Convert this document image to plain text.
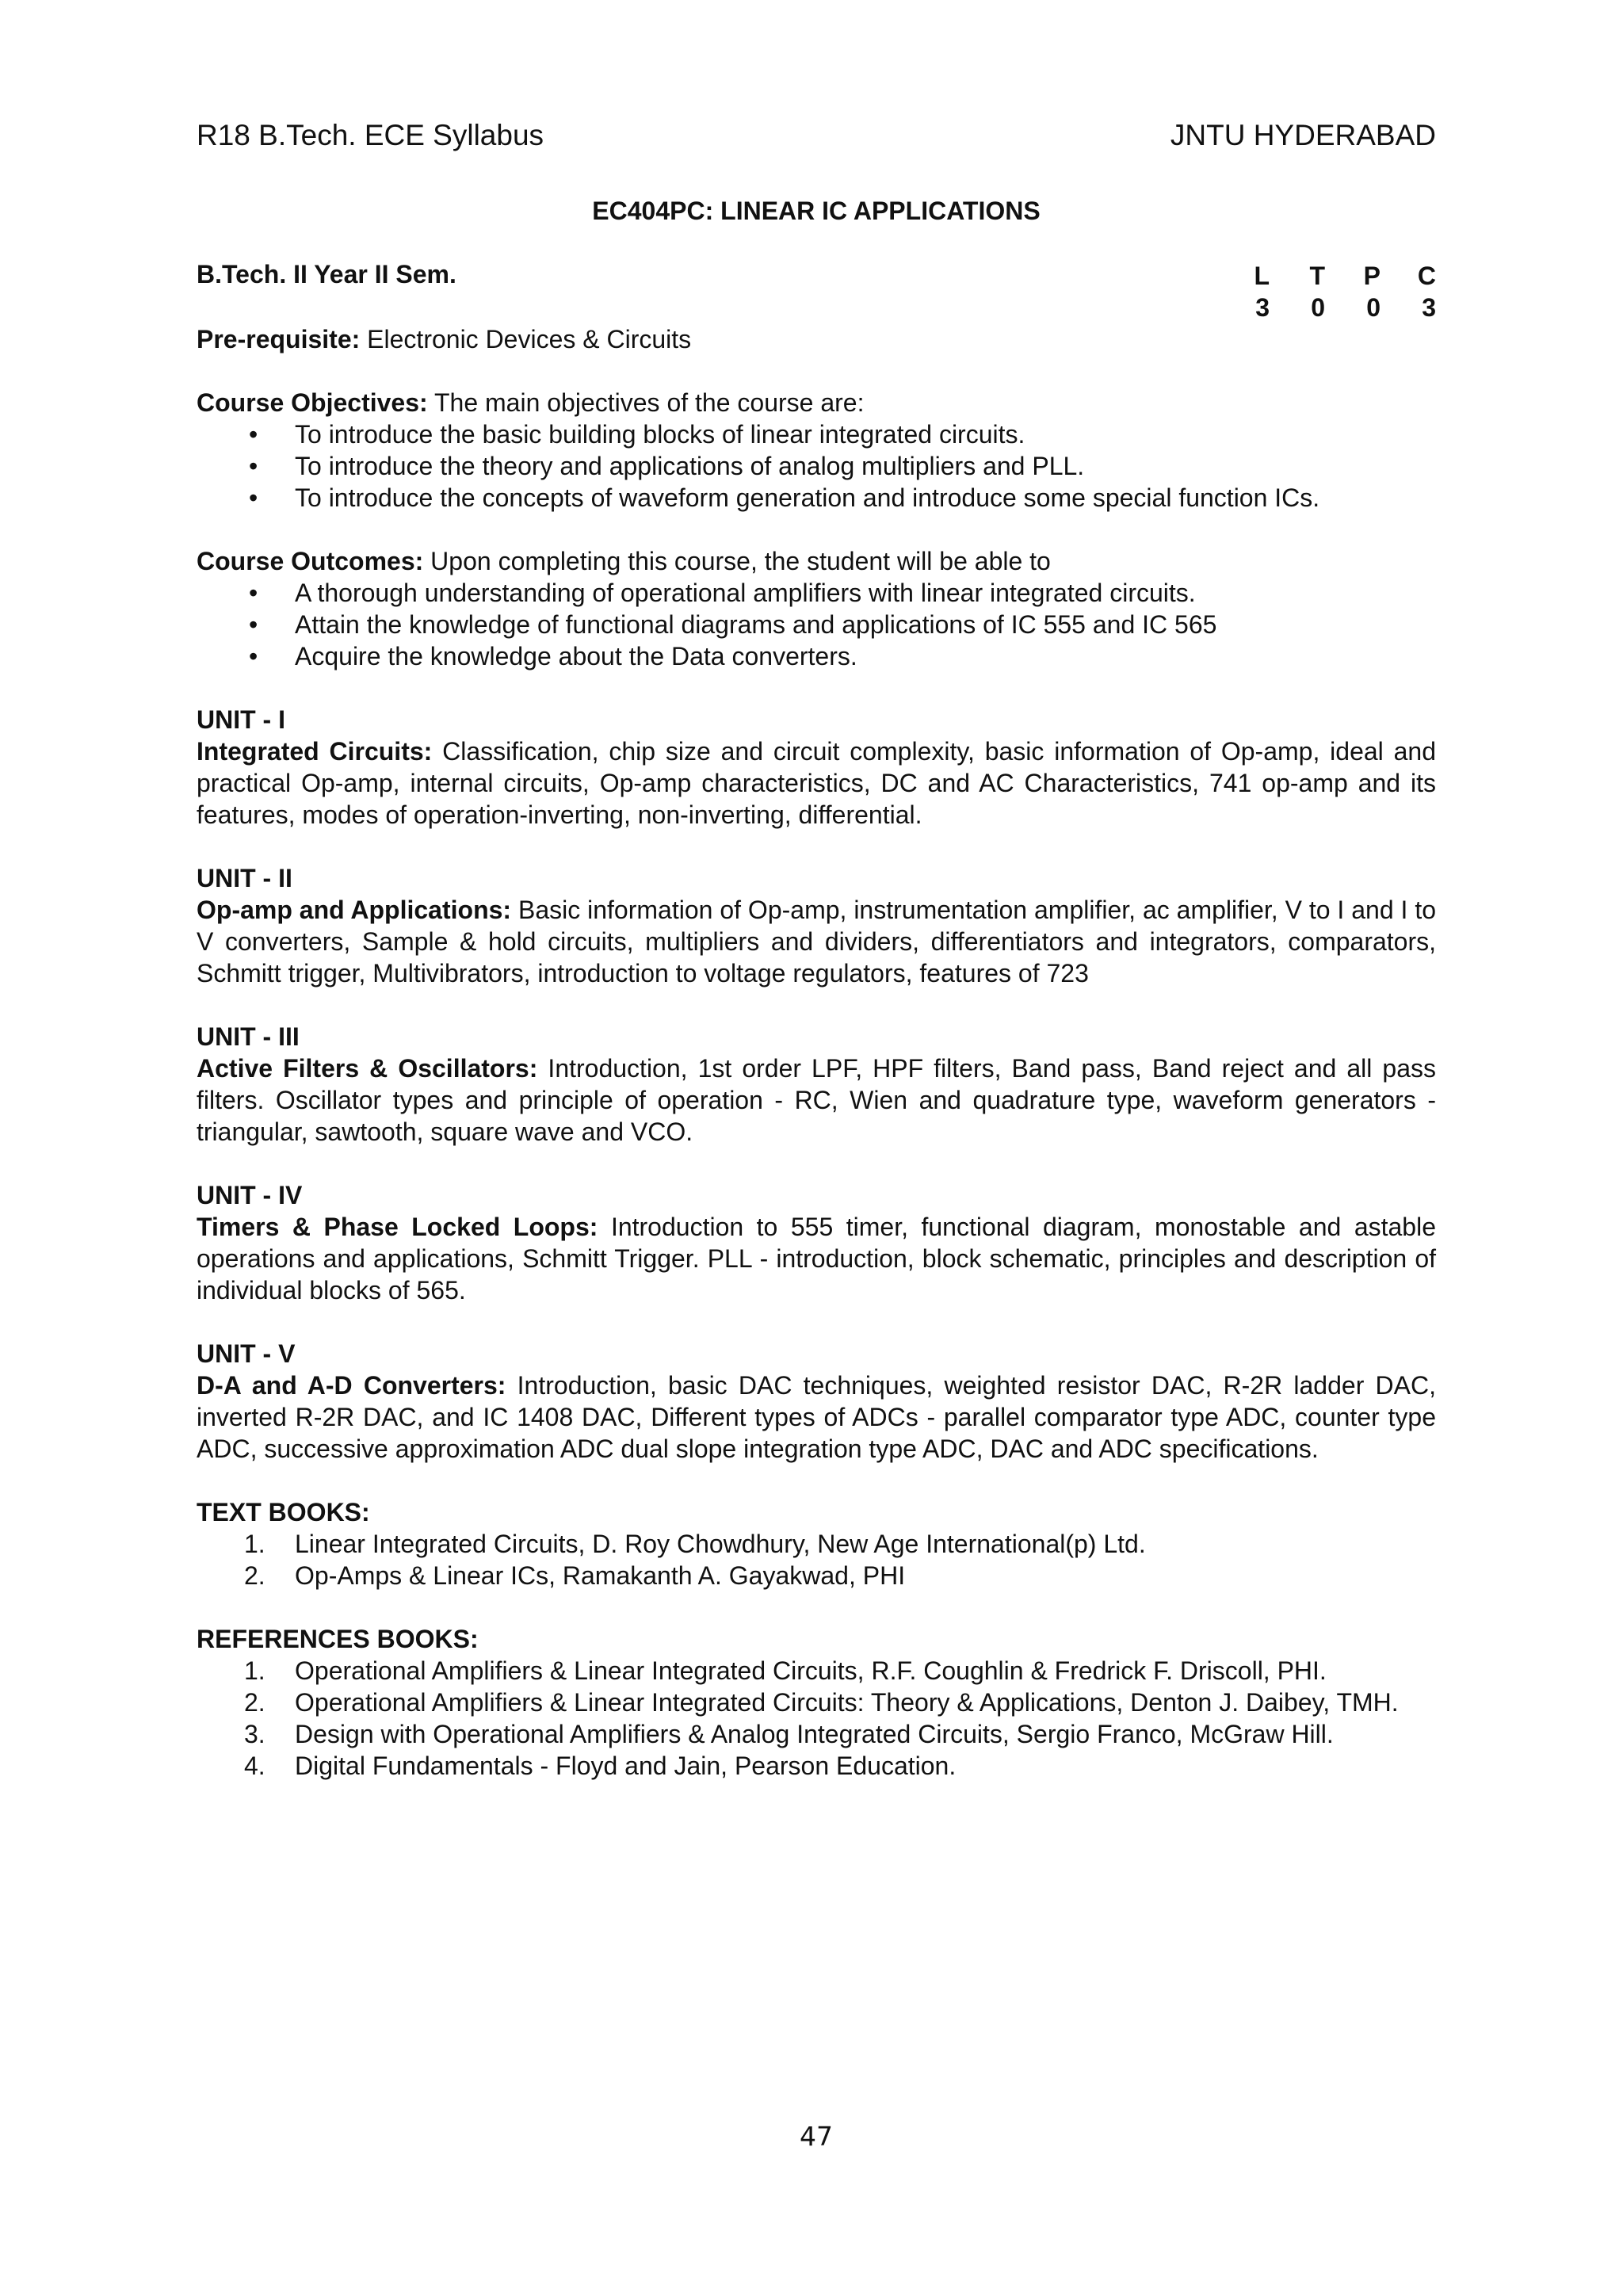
R18 B.Tech. ECE Syllabus	JNTU HYDERABAD
EC404PC: LINEAR IC APPLICATIONS
B.Tech. II Year II Sem.	L	T	P	C
3	0	0	3
Pre-requisite: Electronic Devices & Circuits

Course Objectives: The main objectives of the course are:

• To introduce the basic building blocks of linear integrated circuits.
• To introduce the theory and applications of analog multipliers and PLL.
• To introduce the concepts of waveform generation and introduce some special function ICs.

Course Outcomes: Upon completing this course, the student will be able to

• A thorough understanding of operational amplifiers with linear integrated circuits.
• Attain the knowledge of functional diagrams and applications of IC 555 and IC 565
• Acquire the knowledge about the Data converters.

UNIT - I

Integrated Circuits: Classification, chip size and circuit complexity, basic information of Op-amp, ideal and practical Op-amp, internal circuits, Op-amp characteristics, DC and AC Characteristics, 741 op-amp and its features, modes of operation-inverting, non-inverting, differential.

UNIT - II

Op-amp and Applications: Basic information of Op-amp, instrumentation amplifier, ac amplifier, V to I and I to V converters, Sample & hold circuits, multipliers and dividers, differentiators and integrators, comparators, Schmitt trigger, Multivibrators, introduction to voltage regulators, features of 723

UNIT - III

Active Filters & Oscillators: Introduction, 1st order LPF, HPF filters, Band pass, Band reject and all pass filters. Oscillator types and principle of operation - RC, Wien and quadrature type, waveform generators - triangular, sawtooth, square wave and VCO.

UNIT - IV

Timers & Phase Locked Loops: Introduction to 555 timer, functional diagram, monostable and astable operations and applications, Schmitt Trigger. PLL - introduction, block schematic, principles and description of individual blocks of 565.

UNIT - V

D-A and A-D Converters: Introduction, basic DAC techniques, weighted resistor DAC, R-2R ladder DAC, inverted R-2R DAC, and IC 1408 DAC, Different types of ADCs - parallel comparator type ADC, counter type ADC, successive approximation ADC dual slope integration type ADC, DAC and ADC specifications.

TEXT BOOKS:

1. Linear Integrated Circuits, D. Roy Chowdhury, New Age International(p) Ltd.
2. Op-Amps & Linear ICs, Ramakanth A. Gayakwad, PHI

REFERENCES BOOKS:

1. Operational Amplifiers & Linear Integrated Circuits, R.F. Coughlin & Fredrick F. Driscoll, PHI.
2. Operational Amplifiers & Linear Integrated Circuits: Theory & Applications, Denton J. Daibey, TMH.
3. Design with Operational Amplifiers & Analog Integrated Circuits, Sergio Franco, McGraw Hill.
4. Digital Fundamentals - Floyd and Jain, Pearson Education.
47
